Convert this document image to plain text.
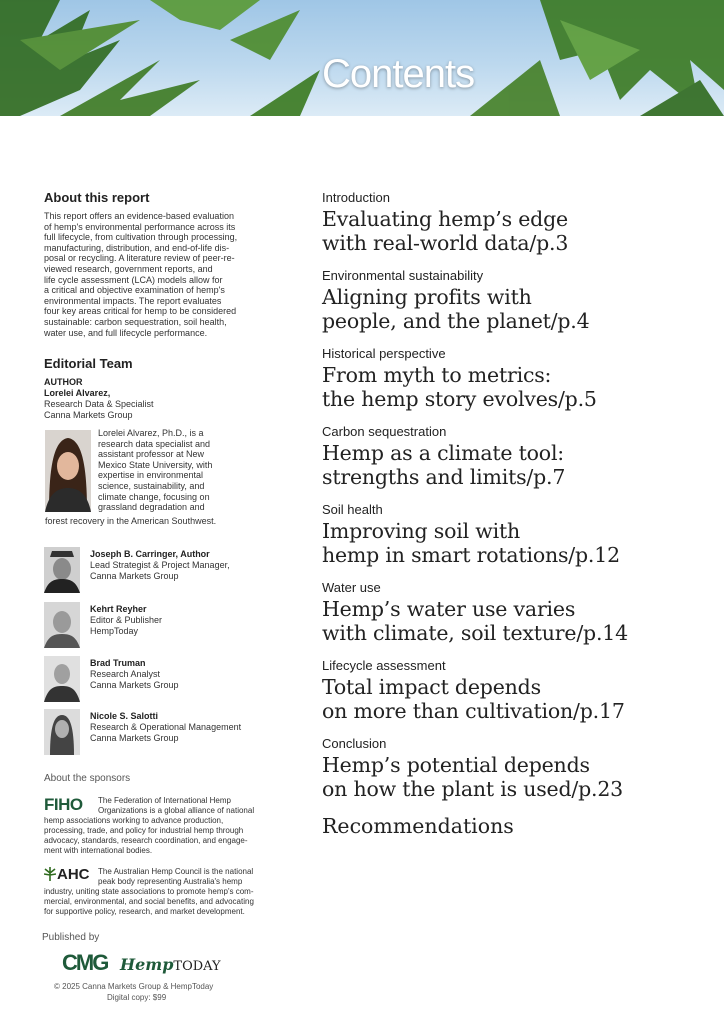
Contents
About this report
This report offers an evidence-based evaluation
of hemp's environmental performance across its
full lifecycle, from cultivation through processing,
manufacturing, distribution, and end-of-life dis-
posal or recycling. A literature review of peer-re-
viewed research, government reports, and
life cycle assessment (LCA) models allow for
a critical and objective examination of hemp's
environmental impacts. The report evaluates
four key areas critical for hemp to be considered
sustainable: carbon sequestration, soil health,
water use, and full lifecycle performance.
Editorial Team
AUTHOR
Lorelei Alvarez,
Research Data & Specialist
Canna Markets Group
Lorelei Alvarez, Ph.D., is a
research data specialist and
assistant professor at New
Mexico State University, with
expertise in environmental
science, sustainability, and
climate change, focusing on
grassland degradation and
forest recovery in the American Southwest.
Joseph B. Carringer, Author
Lead Strategist & Project Manager,
Canna Markets Group
Kehrt Reyher
Editor & Publisher
HempToday
Brad Truman
Research Analyst
Canna Markets Group
Nicole S. Salotti
Research & Operational Management
Canna Markets Group
About the sponsors
FIHO The Federation of International Hemp
Organizations is a global alliance of national
hemp associations working to advance production,
processing, trade, and policy for industrial hemp through
advocacy, standards, research coordination, and engage-
ment with international bodies.
AHC The Australian Hemp Council is the national
peak body representing Australia's hemp
industry, uniting state associations to promote hemp's com-
mercial, environmental, and social benefits, and advocating
for supportive policy, research, and market development.
Published by
CMG HempTODAY
© 2025 Canna Markets Group & HempToday
Digital copy: $99
Introduction
Evaluating hemp’s edge
with real-world data/p.3
Environmental sustainability
Aligning profits with
people, and the planet/p.4
Historical perspective
From myth to metrics:
the hemp story evolves/p.5
Carbon sequestration
Hemp as a climate tool:
strengths and limits/p.7
Soil health
Improving soil with
hemp in smart rotations/p.12
Water use
Hemp’s water use varies
with climate, soil texture/p.14
Lifecycle assessment
Total impact depends
on more than cultivation/p.17
Conclusion
Hemp’s potential depends
on how the plant is used/p.23
Recommendations
